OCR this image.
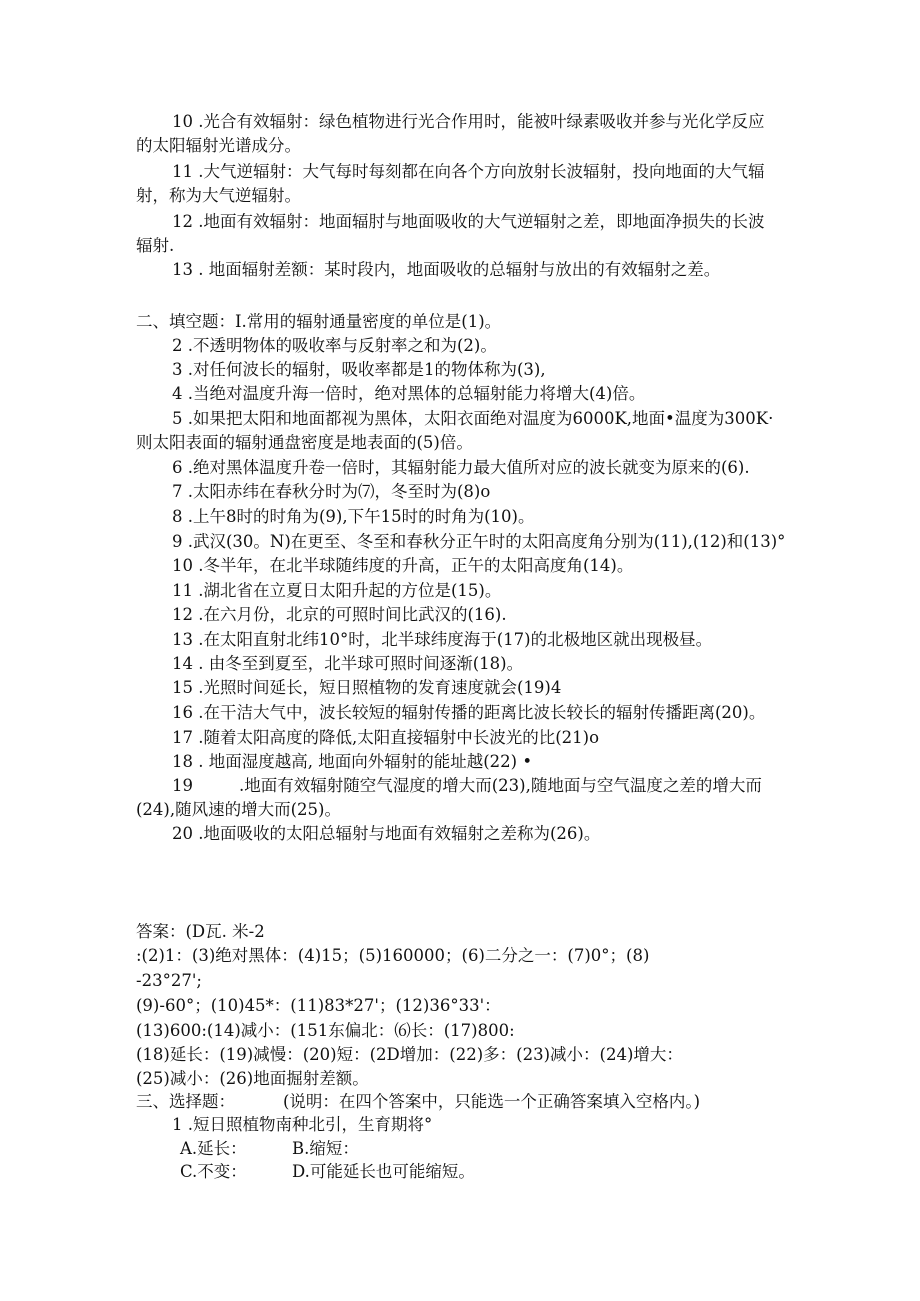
10 .光合有效辐射：绿色植物进行光合作用时，能被叶绿素吸收并参与光化学反应
的太阳辐射光谱成分。
11 .大气逆辐射：大气每时每刻都在向各个方向放射长波辐射，投向地面的大气辐
射，称为大气逆辐射。
12 .地面有效辐射：地面辐肘与地面吸收的大气逆辐射之差，即地面净损失的长波
辐射.
13 . 地面辐射差额：某时段内，地面吸收的总辐射与放出的有效辐射之差。
二、填空题：I.常用的辐射通量密度的单位是(1)。
2 .不透明物体的吸收率与反射率之和为(2)。
3 .对任何波长的辐射，吸收率都是1的物体称为(3),
4 .当绝对温度升海一倍时，绝对黑体的总辐射能力将增大(4)倍。
5 .如果把太阳和地面都视为黑体，太阳衣面绝对温度为6000K,地面•温度为300K·
则太阳表面的辐射通盘密度是地表面的(5)倍。
6 .绝对黑体温度升卷一倍时，其辐射能力最大值所对应的波长就变为原来的(6).
7 .太阳赤纬在春秋分时为⑺，冬至时为(8)o
8 .上午8时的时角为(9),下午15时的时角为(10)。
9 .武汉(30。N)在更至、冬至和春秋分正午时的太阳高度角分别为(11),(12)和(13)°
10 .冬半年，在北半球随纬度的升高，正午的太阳高度角(14)。
11 .湖北省在立夏日太阳升起的方位是(15)。
12 .在六月份，北京的可照时间比武汉的(16).
13 .在太阳直射北纬10°时，北半球纬度海于(17)的北极地区就出现极昼。
14 . 由冬至到夏至，北半球可照时间逐渐(18)。
15 .光照时间延长，短日照植物的发育速度就会(19)4
16 .在干洁大气中，波长较短的辐射传播的距离比波长较长的辐射传播距离(20)。
17 .随着太阳高度的降低,太阳直接辐射中长波光的比(21)o
18 . 地面湿度越高, 地面向外辐射的能址越(22) •
19	.地面有效辐射随空气湿度的增大而(23),随地面与空气温度之差的增大而
(24),随风速的增大而(25)。
20 .地面吸收的太阳总辐射与地面有效辐射之差称为(26)。
答案：(D瓦. 米-2
:(2)1：(3)绝对黑体：(4)15；(5)160000；(6)二分之一：(7)0°；(8)
-23°27';
(9)-60°；(10)45*：(11)83*27'；(12)36°33'：
(13)600:(14)减小：(151东偏北：⑹长：(17)800:
(18)延长：(19)减慢：(20)短：(2D增加：(22)多：(23)减小：(24)增大：
(25)减小：(26)地面掘射差额。
三、选择题：	(说明：在四个答案中，只能选一个正确答案填入空格内。)
1 .短日照植物南种北引，生育期将°
A.延长：	B.缩短：
C.不变：	D.可能延长也可能缩短。
